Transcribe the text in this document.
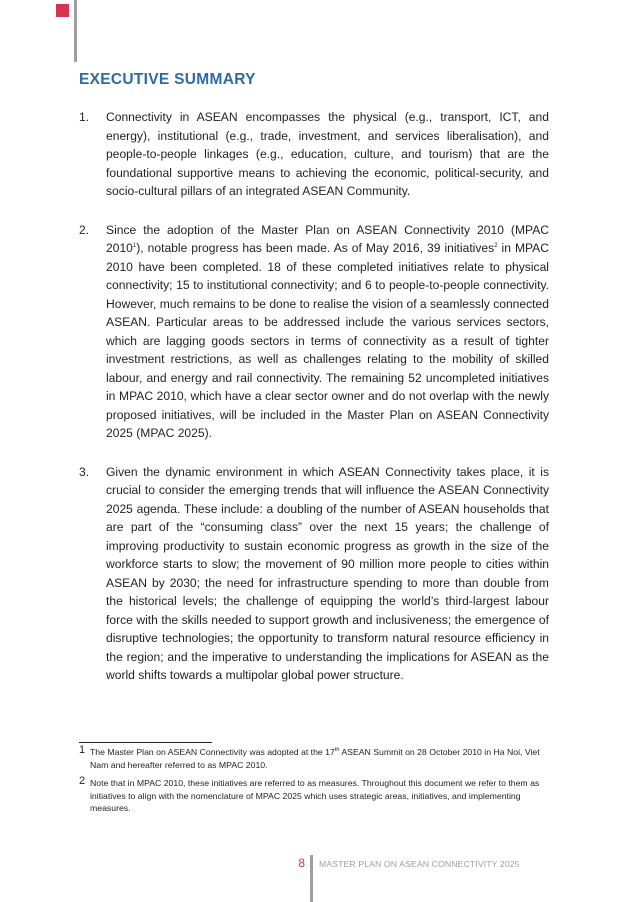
EXECUTIVE SUMMARY
1. Connectivity in ASEAN encompasses the physical (e.g., transport, ICT, and energy), institutional (e.g., trade, investment, and services liberalisation), and people-to-people linkages (e.g., education, culture, and tourism) that are the foundational supportive means to achieving the economic, political-security, and socio-cultural pillars of an integrated ASEAN Community.
2. Since the adoption of the Master Plan on ASEAN Connectivity 2010 (MPAC 2010$^1$), notable progress has been made. As of May 2016, 39 initiatives$^2$ in MPAC 2010 have been completed. 18 of these completed initiatives relate to physical connectivity; 15 to institutional connectivity; and 6 to people-to-people connectivity. However, much remains to be done to realise the vision of a seamlessly connected ASEAN. Particular areas to be addressed include the various services sectors, which are lagging goods sectors in terms of connectivity as a result of tighter investment restrictions, as well as challenges relating to the mobility of skilled labour, and energy and rail connectivity. The remaining 52 uncompleted initiatives in MPAC 2010, which have a clear sector owner and do not overlap with the newly proposed initiatives, will be included in the Master Plan on ASEAN Connectivity 2025 (MPAC 2025).
3. Given the dynamic environment in which ASEAN Connectivity takes place, it is crucial to consider the emerging trends that will influence the ASEAN Connectivity 2025 agenda. These include: a doubling of the number of ASEAN households that are part of the “consuming class” over the next 15 years; the challenge of improving productivity to sustain economic progress as growth in the size of the workforce starts to slow; the movement of 90 million more people to cities within ASEAN by 2030; the need for infrastructure spending to more than double from the historical levels; the challenge of equipping the world’s third-largest labour force with the skills needed to support growth and inclusiveness; the emergence of disruptive technologies; the opportunity to transform natural resource efficiency in the region; and the imperative to understanding the implications for ASEAN as the world shifts towards a multipolar global power structure.

1 The Master Plan on ASEAN Connectivity was adopted at the 17th ASEAN Summit on 28 October 2010 in Ha Noi, Viet Nam and hereafter referred to as MPAC 2010.

2 Note that in MPAC 2010, these initiatives are referred to as measures. Throughout this document we refer to them as initiatives to align with the nomenclature of MPAC 2025 which uses strategic areas, initiatives, and implementing measures.

8 MASTER PLAN ON ASEAN CONNECTIVITY 2025
